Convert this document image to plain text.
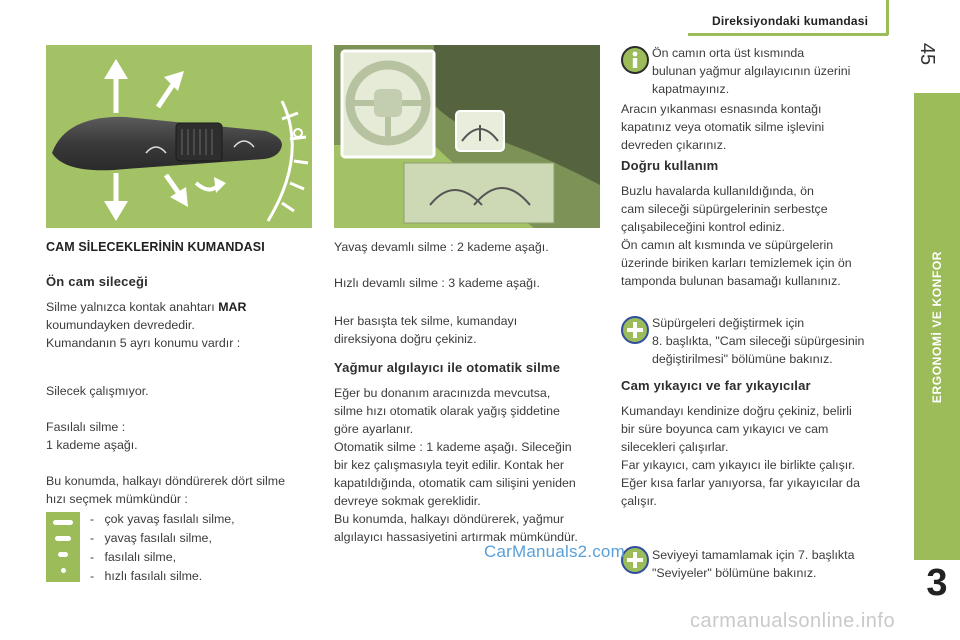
Direksiyondaki kumandasi
45
ERGONOMİ VE KONFOR
3
CAM SİLECEKLERİNİN KUMANDASI
Ön cam sileceği
Silme yalnızca kontak anahtarı MAR
koumundayken devrededir.
Kumandanın 5 ayrı konumu vardır :
Silecek çalışmıyor.
Fasılalı silme :
1 kademe aşağı.
Bu konumda, halkayı döndürerek dört silme
hızı seçmek mümkündür :
-   çok yavaş fasılalı silme,
-   yavaş fasılalı silme,
-   fasılalı silme,
-   hızlı fasılalı silme.
Yavaş devamlı silme : 2 kademe aşağı.
Hızlı devamlı silme : 3 kademe aşağı.
Her basışta tek silme, kumandayı
direksiyona doğru çekiniz.
Yağmur algılayıcı ile otomatik silme
Eğer bu donanım aracınızda mevcutsa,
silme hızı otomatik olarak yağış şiddetine
göre ayarlanır.
Otomatik silme : 1 kademe aşağı. Sileceğin
bir kez çalışmasıyla teyit edilir. Kontak her
kapatıldığında, otomatik cam silişini yeniden
devreye sokmak gereklidir.
Bu konumda, halkayı döndürerek, yağmur
algılayıcı hassasiyetini artırmak mümkündür.
Ön camın orta üst kısmında
bulunan yağmur algılayıcının üzerini
kapatmayınız.
Aracın yıkanması esnasında kontağı
kapatınız veya otomatik silme işlevini
devreden çıkarınız.
Doğru kullanım
Buzlu havalarda kullanıldığında, ön
cam sileceği süpürgelerinin serbestçe
çalışabileceğini kontrol ediniz.
Ön camın alt kısmında ve süpürgelerin
üzerinde biriken karları temizlemek için ön
tamponda bulunan basamağı kullanınız.
Süpürgeleri değiştirmek için
8. başlıkta, "Cam sileceği süpürgesinin
değiştirilmesi" bölümüne bakınız.
Cam yıkayıcı ve far yıkayıcılar
Kumandayı kendinize doğru çekiniz, belirli
bir süre boyunca cam yıkayıcı ve cam
silecekleri çalışırlar.
Far yıkayıcı, cam yıkayıcı ile birlikte çalışır.
Eğer kısa farlar yanıyorsa, far yıkayıcılar da
çalışır.
Seviyeyi tamamlamak için 7. başlıkta
"Seviyeler" bölümüne bakınız.
CarManuals2.com
carmanualsonline.info
